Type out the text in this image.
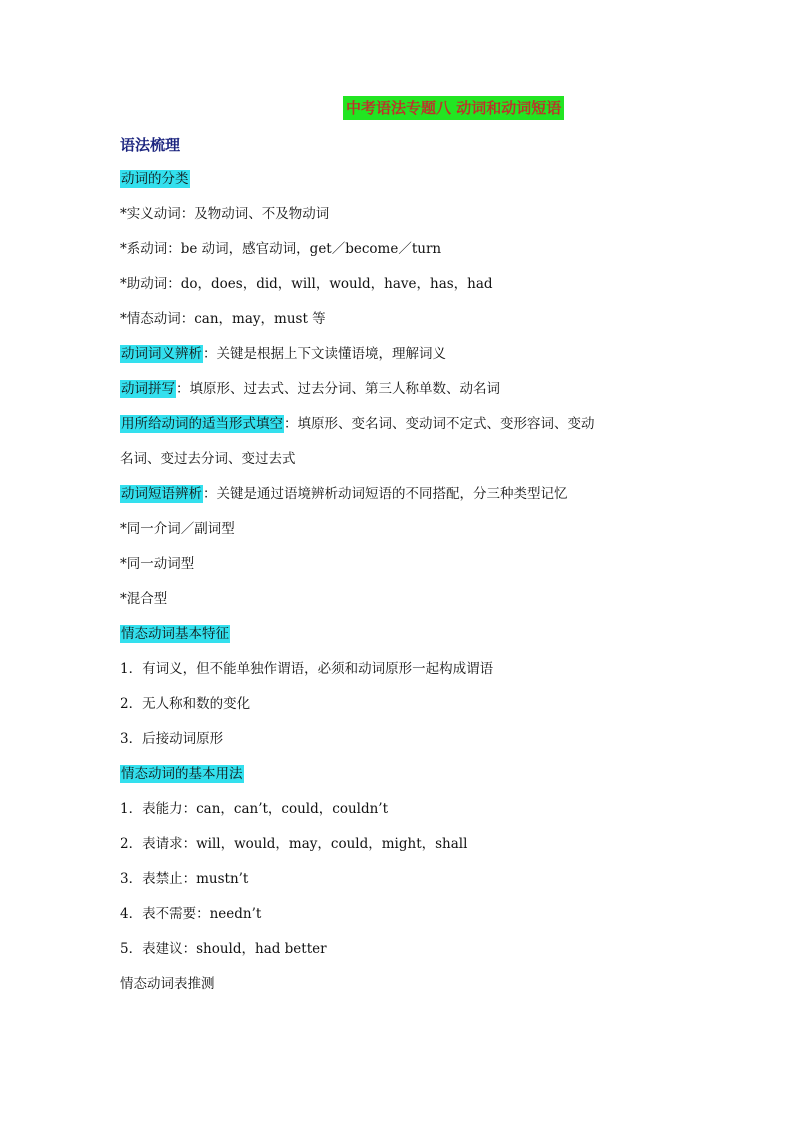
中考语法专题八 动词和动词短语
语法梳理
动词的分类
*实义动词：及物动词、不及物动词
*系动词：be 动词，感官动词，get／become／turn
*助动词：do，does，did，will，would，have，has，had
*情态动词：can，may，must 等
动词词义辨析：关键是根据上下文读懂语境，理解词义
动词拼写：填原形、过去式、过去分词、第三人称单数、动名词
用所给动词的适当形式填空：填原形、变名词、变动词不定式、变形容词、变动
名词、变过去分词、变过去式
动词短语辨析：关键是通过语境辨析动词短语的不同搭配，分三种类型记忆
*同一介词／副词型
*同一动词型
*混合型
情态动词基本特征
1．有词义，但不能单独作谓语，必须和动词原形一起构成谓语
2．无人称和数的变化
3．后接动词原形
情态动词的基本用法
1．表能力：can，can’t，could，couldn’t
2．表请求：will，would，may，could，might，shall
3．表禁止：mustn’t
4．表不需要：needn’t
5．表建议：should，had better
情态动词表推测
